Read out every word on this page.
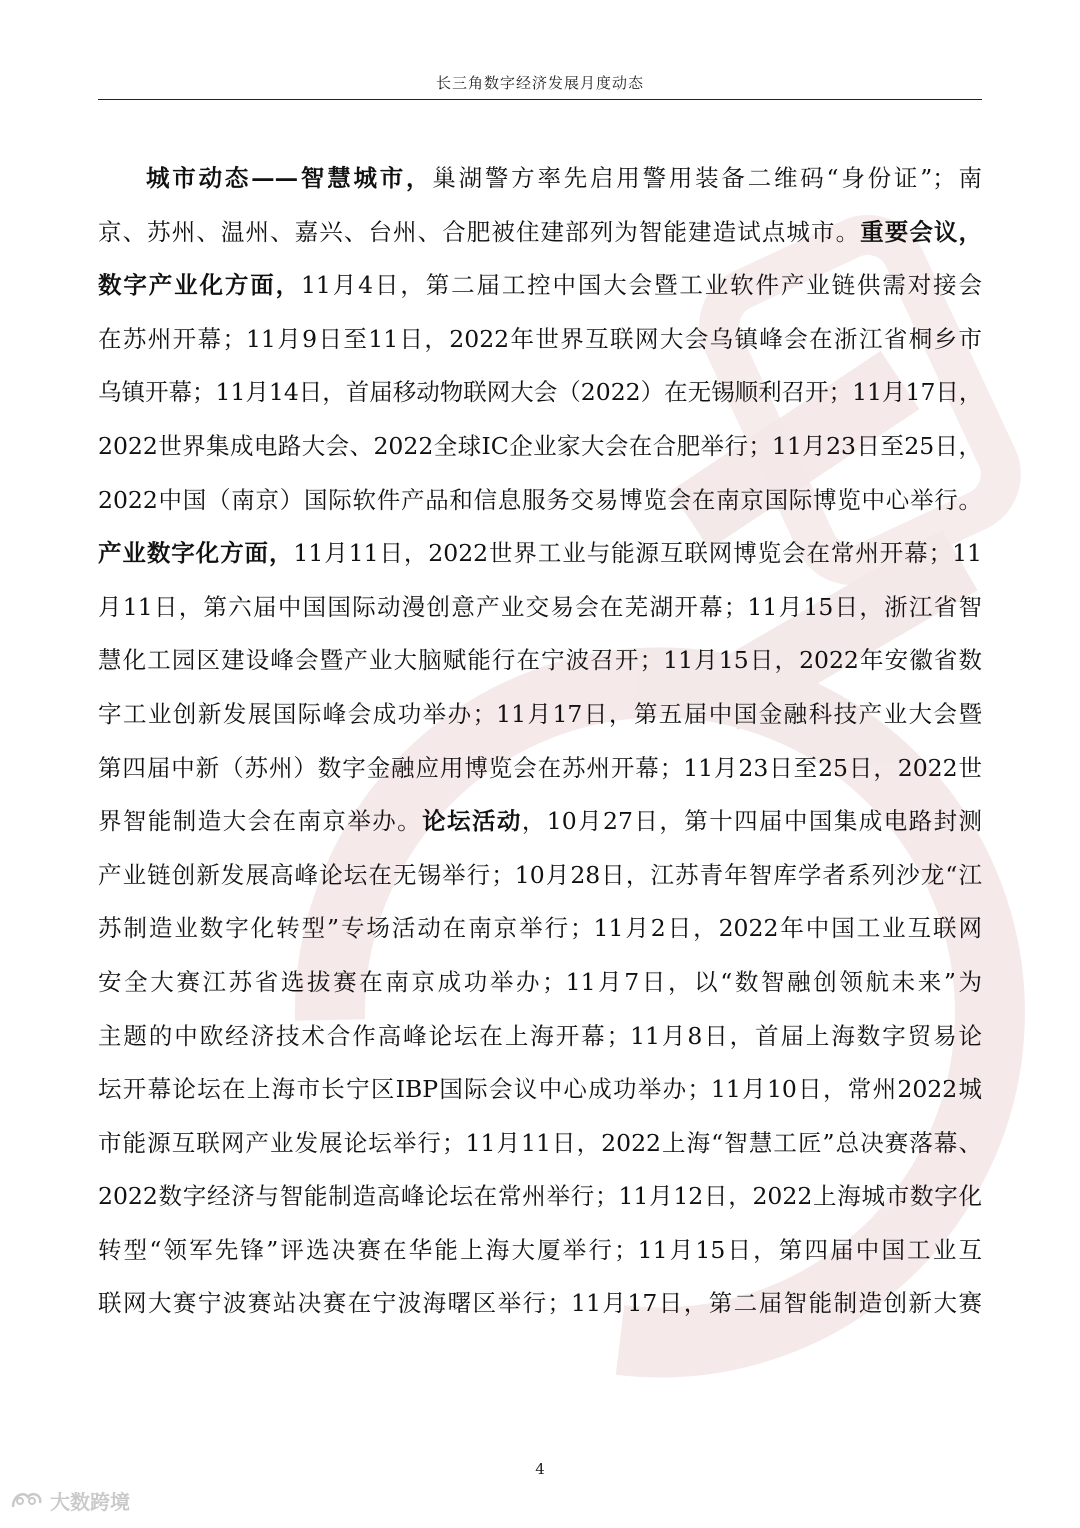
长三角数字经济发展月度动态
城市动态——智慧城市，巢湖警方率先启用警用装备二维码“身份证”；南
京、苏州、温州、嘉兴、台州、合肥被住建部列为智能建造试点城市。重要会议，
数字产业化方面，11月4日，第二届工控中国大会暨工业软件产业链供需对接会
在苏州开幕；11月9日至11日，2022年世界互联网大会乌镇峰会在浙江省桐乡市
乌镇开幕；11月14日，首届移动物联网大会（2022）在无锡顺利召开；11月17日，
2022世界集成电路大会、2022全球IC企业家大会在合肥举行；11月23日至25日，
2022中国（南京）国际软件产品和信息服务交易博览会在南京国际博览中心举行。
产业数字化方面，11月11日，2022世界工业与能源互联网博览会在常州开幕；11
月11日，第六届中国国际动漫创意产业交易会在芜湖开幕；11月15日，浙江省智
慧化工园区建设峰会暨产业大脑赋能行在宁波召开；11月15日，2022年安徽省数
字工业创新发展国际峰会成功举办；11月17日，第五届中国金融科技产业大会暨
第四届中新（苏州）数字金融应用博览会在苏州开幕；11月23日至25日，2022世
界智能制造大会在南京举办。论坛活动，10月27日，第十四届中国集成电路封测
产业链创新发展高峰论坛在无锡举行；10月28日，江苏青年智库学者系列沙龙“江
苏制造业数字化转型”专场活动在南京举行；11月2日，2022年中国工业互联网
安全大赛江苏省选拔赛在南京成功举办；11月7日，以“数智融创领航未来”为
主题的中欧经济技术合作高峰论坛在上海开幕；11月8日，首届上海数字贸易论
坛开幕论坛在上海市长宁区IBP国际会议中心成功举办；11月10日，常州2022城
市能源互联网产业发展论坛举行；11月11日，2022上海“智慧工匠”总决赛落幕、
2022数字经济与智能制造高峰论坛在常州举行；11月12日，2022上海城市数字化
转型“领军先锋”评选决赛在华能上海大厦举行；11月15日，第四届中国工业互
联网大赛宁波赛站决赛在宁波海曙区举行；11月17日，第二届智能制造创新大赛
4
大数跨境
